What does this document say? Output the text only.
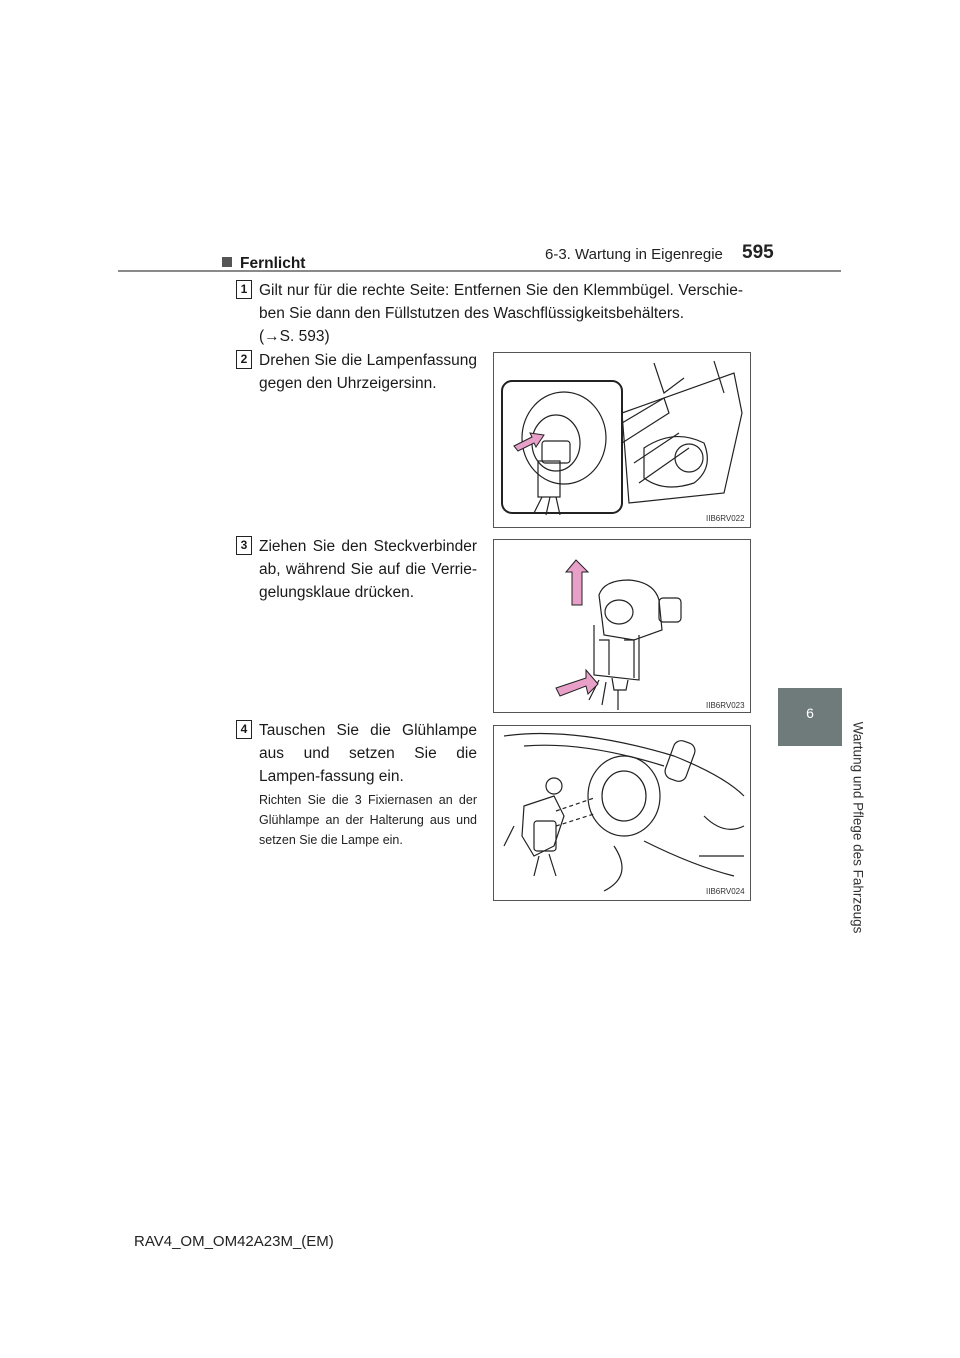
6-3. Wartung in Eigenregie 595
6
Wartung und Pflege des Fahrzeugs
Fernlicht
1 Gilt nur für die rechte Seite: Entfernen Sie den Klemmbügel. Verschie-ben Sie dann den Füllstutzen des Waschflüssigkeitsbehälters.
(→S. 593)
2 Drehen Sie die Lampenfassung gegen den Uhrzeigersinn.
IIB6RV022
3 Ziehen Sie den Steckverbinder ab, während Sie auf die Verrie-gelungsklaue drücken.
IIB6RV023
4 Tauschen Sie die Glühlampe aus und setzen Sie die Lampen-fassung ein.
Richten Sie die 3 Fixiernasen an der Glühlampe an der Halterung aus und setzen Sie die Lampe ein.
IIB6RV024
RAV4_OM_OM42A23M_(EM)
